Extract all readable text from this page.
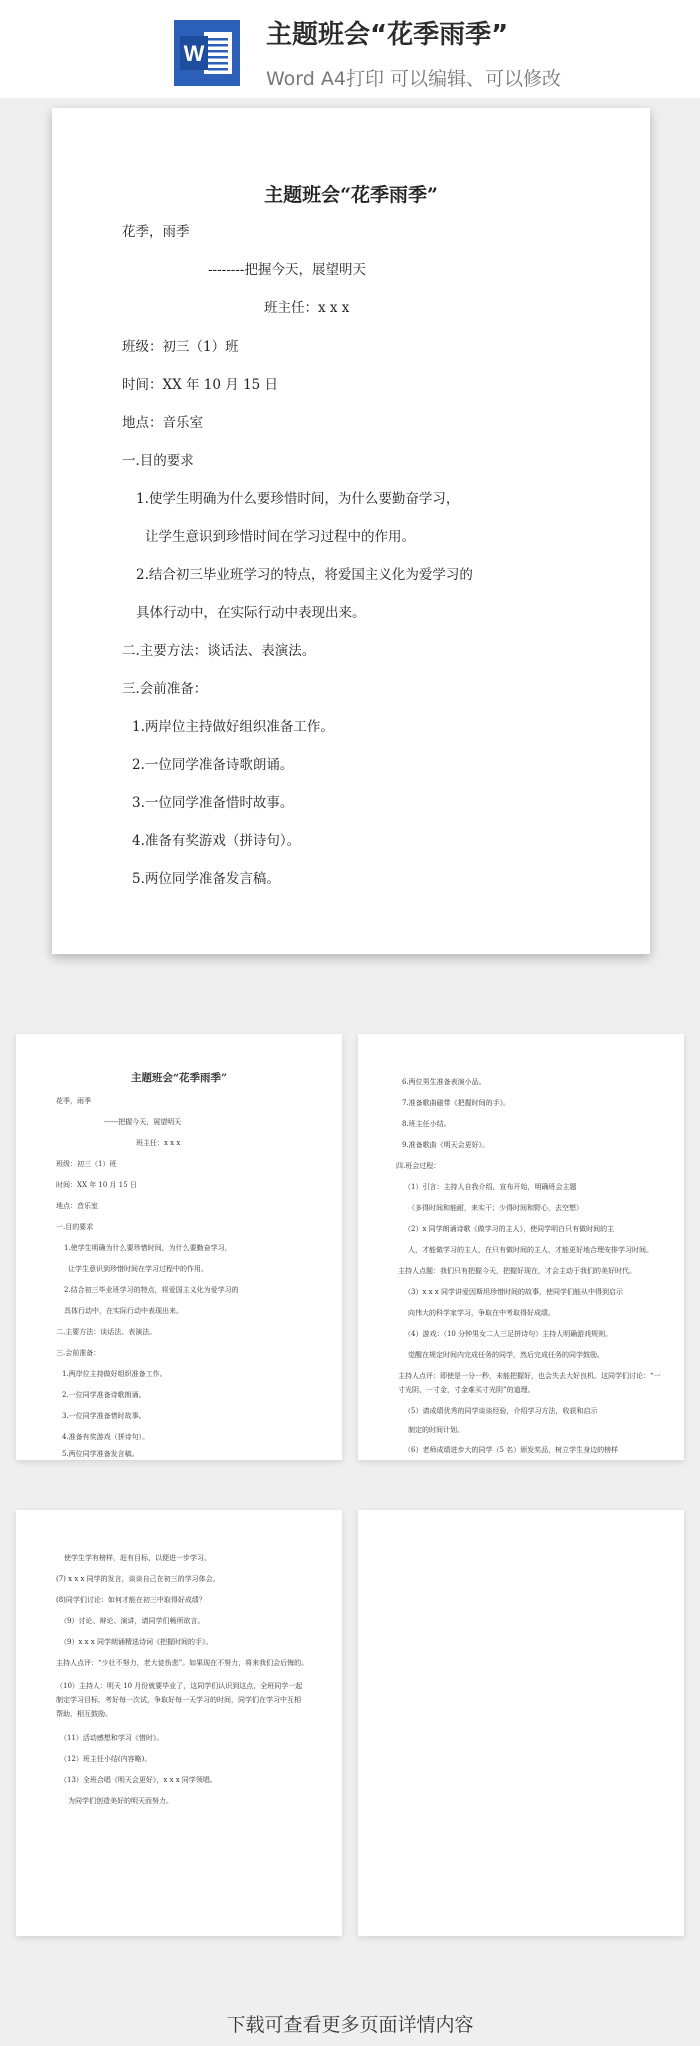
W
主题班会“花季雨季”
Word A4打印 可以编辑、可以修改
主题班会“花季雨季”
花季，雨季
--------把握今天，展望明天
班主任：x x x
班级：初三（1）班
时间：XX 年 10 月 15 日
地点：音乐室
一.目的要求
1.使学生明确为什么要珍惜时间，为什么要勤奋学习，
让学生意识到珍惜时间在学习过程中的作用。
2.结合初三毕业班学习的特点，将爱国主义化为爱学习的
具体行动中，在实际行动中表现出来。
二.主要方法：谈话法、表演法。
三.会前准备：
1.两岸位主持做好组织准备工作。
2.一位同学准备诗歌朗诵。
3.一位同学准备惜时故事。
4.准备有奖游戏（拼诗句）。
5.两位同学准备发言稿。
主题班会“花季雨季”
花季，雨季
------把握今天，展望明天
班主任：x x x
班级：初三（1）班
时间：XX 年 10 月 15 日
地点：音乐室
一.目的要求
1.使学生明确为什么要珍惜时间，为什么要勤奋学习，
让学生意识到珍惜时间在学习过程中的作用。
2.结合初三毕业班学习的特点，将爱国主义化为爱学习的
具体行动中，在实际行动中表现出来。
二.主要方法：谈话法、表演法。
三.会前准备：
1.两岸位主持做好组织准备工作。
2.一位同学准备诗歌朗诵。
3.一位同学准备惜时故事。
4.准备有奖游戏（拼诗句）。
5.两位同学准备发言稿。
6.两位男生准备表演小品。
7.准备歌曲磁带《把握时间的手》。
8.班主任小结。
9.准备歌曲《明天会更好》。
四.班会过程：
（1）引言：主持人自我介绍，宣布开始，明确班会主题
（多得时间和能耐，来实干；少得时间和野心，去空想）
（2）x 同学朗诵诗歌《做学习的主人》，使同学明白只有做时间的主
人，才能做学习的主人，在只有做时间的主人，才能更好地合理安排学习时间。
主持人点题：我们只有把握今天，把握好现在，才会主动于我们的美好时代。
（3）x x x 同学讲爱因斯坦珍惜时间的故事，使同学们能从中得到启示
向伟大的科学家学习，争取在中考取得好成绩。
（4）游戏：（10 分钟男女二人三足拼诗句）主持人明确游戏规则。
觉醒在规定时间内完成任务的同学，然后完成任务的同学鼓励。
主持人点评：即使是一分一秒，未能把握好，也会失去大好良机。这同学们讨论：“一
寸光阴，一寸金，寸金难买寸光阴”的道理。
（5）请成绩优秀的同学谈谈经验，介绍学习方法，收获和启示
制定的时间计划。
（6）老师成绩进步大的同学（5 名）颁发奖品，树立学生身边的榜样
使学生学有榜样，赶有目标，以便进一步学习。
(7) x x x 同学的发言，谈谈自己在初三的学习体会。
(8)同学们讨论：如何才能在初三中取得好成绩？
（9）讨论、辩论、演讲，请同学们畅所欲言。
（9）x x x 同学朗诵精选诗词《把握时间的手》。
主持人点评：“少壮不努力，老大徒伤悲”。如果现在不努力，将来我们会后悔的。
（10）主持人：明天 10 月份就要毕业了，这同学们认识到这点，全班同学一起
制定学习目标，考好每一次试，争取好每一天学习的时间，同学们在学习中互相
帮助，相互鼓励。
（11）活动感想和学习《惜时》。
（12）班主任小结(内容略)。
（13）全班合唱《明天会更好》，x x x 同学领唱。
为同学们创造美好的明天而努力。
下载可查看更多页面详情内容
